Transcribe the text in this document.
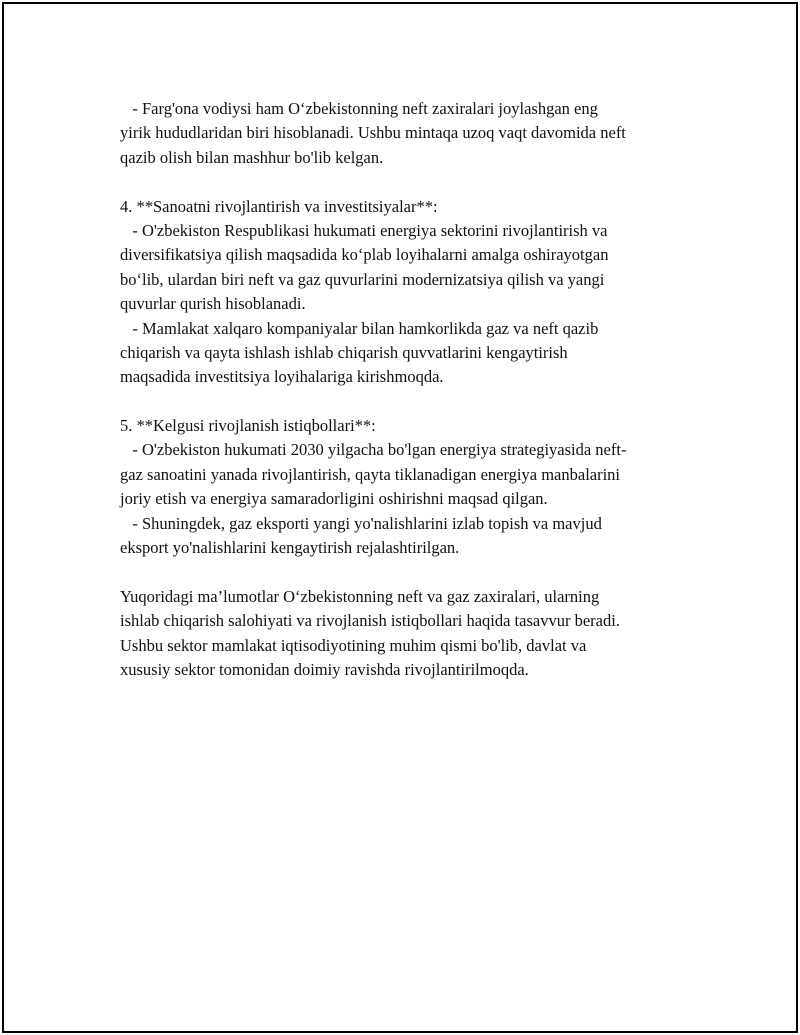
- Farg'ona vodiysi ham O‘zbekistonning neft zaxiralari joylashgan eng
yirik hududlaridan biri hisoblanadi. Ushbu mintaqa uzoq vaqt davomida neft
qazib olish bilan mashhur bo'lib kelgan.
4. **Sanoatni rivojlantirish va investitsiyalar**:
- O'zbekiston Respublikasi hukumati energiya sektorini rivojlantirish va
diversifikatsiya qilish maqsadida ko‘plab loyihalarni amalga oshirayotgan
bo‘lib, ulardan biri neft va gaz quvurlarini modernizatsiya qilish va yangi
quvurlar qurish hisoblanadi.
- Mamlakat xalqaro kompaniyalar bilan hamkorlikda gaz va neft qazib
chiqarish va qayta ishlash ishlab chiqarish quvvatlarini kengaytirish
maqsadida investitsiya loyihalariga kirishmoqda.
5. **Kelgusi rivojlanish istiqbollari**:
- O'zbekiston hukumati 2030 yilgacha bo'lgan energiya strategiyasida neft-
gaz sanoatini yanada rivojlantirish, qayta tiklanadigan energiya manbalarini
joriy etish va energiya samaradorligini oshirishni maqsad qilgan.
- Shuningdek, gaz eksporti yangi yo'nalishlarini izlab topish va mavjud
eksport yo'nalishlarini kengaytirish rejalashtirilgan.
Yuqoridagi ma’lumotlar O‘zbekistonning neft va gaz zaxiralari, ularning
ishlab chiqarish salohiyati va rivojlanish istiqbollari haqida tasavvur beradi.
Ushbu sektor mamlakat iqtisodiyotining muhim qismi bo'lib, davlat va
xususiy sektor tomonidan doimiy ravishda rivojlantirilmoqda.
